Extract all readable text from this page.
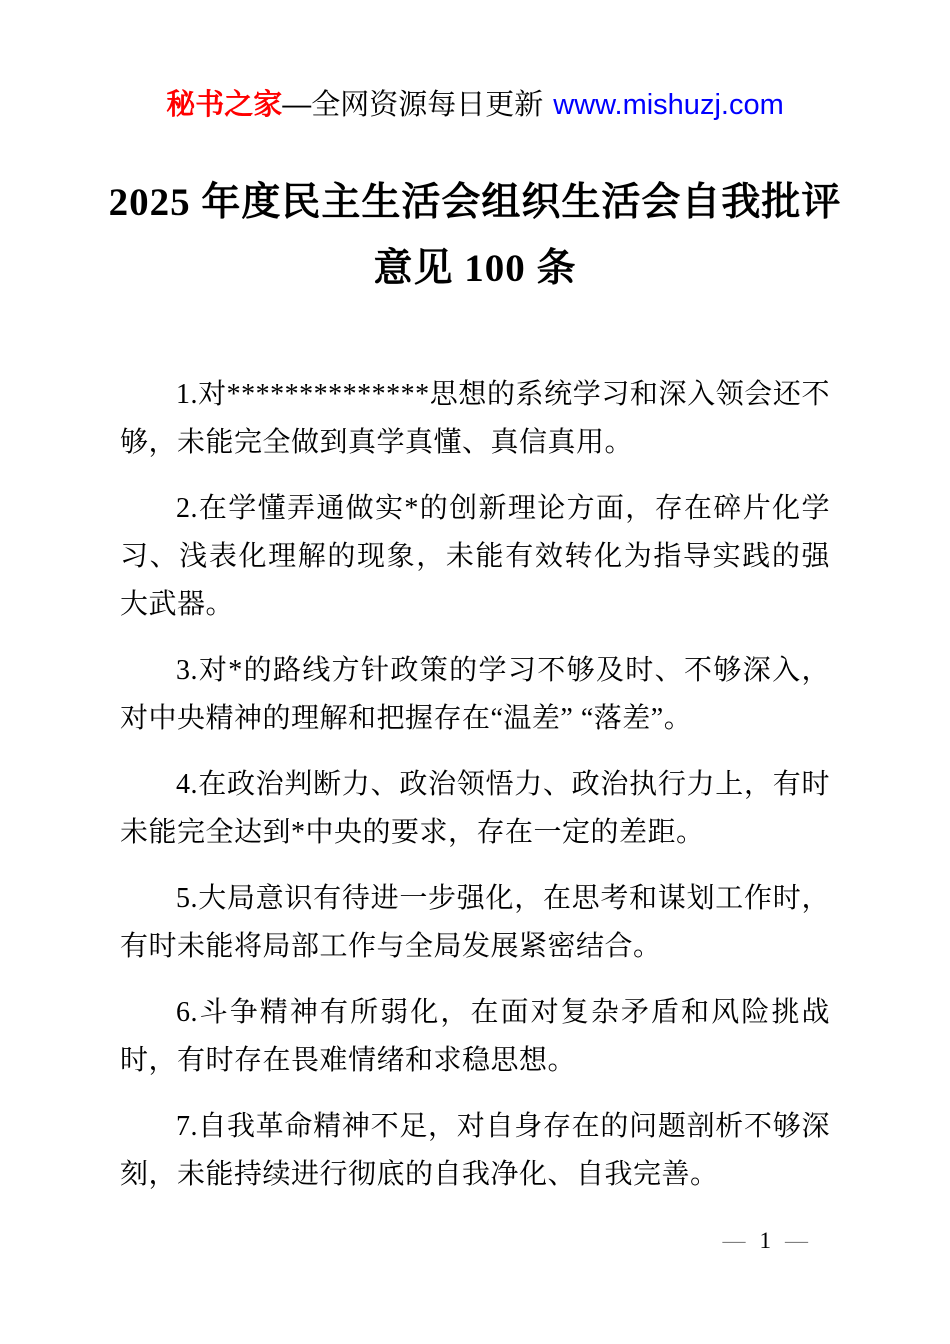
秘书之家—全网资源每日更新 www.mishuzj.com
2025 年度民主生活会组织生活会自我批评
意见 100 条

1.对**************思想的系统学习和深入领会还不够，未能完全做到真学真懂、真信真用。

2.在学懂弄通做实*的创新理论方面，存在碎片化学习、浅表化理解的现象，未能有效转化为指导实践的强大武器。

3.对*的路线方针政策的学习不够及时、不够深入，对中央精神的理解和把握存在“温差” “落差”。

4.在政治判断力、政治领悟力、政治执行力上，有时未能完全达到*中央的要求，存在一定的差距。

5.大局意识有待进一步强化，在思考和谋划工作时，有时未能将局部工作与全局发展紧密结合。

6.斗争精神有所弱化，在面对复杂矛盾和风险挑战时，有时存在畏难情绪和求稳思想。

7.自我革命精神不足，对自身存在的问题剖析不够深刻，未能持续进行彻底的自我净化、自我完善。

— 1 —
